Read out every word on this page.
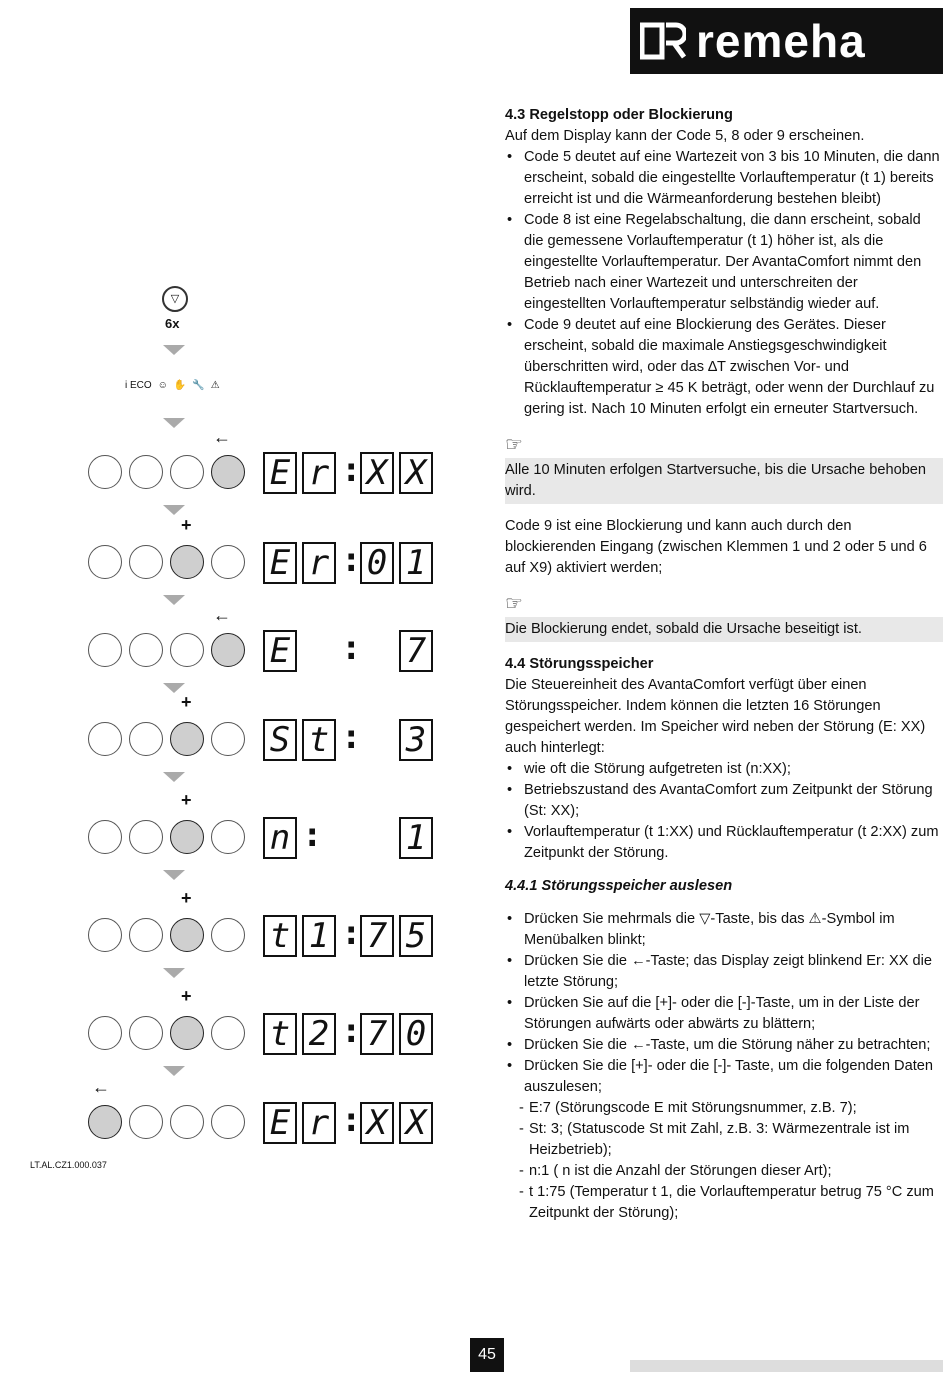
remeha
▽
6x
i ECO ☺ ✋ 🔧 ⚠
←
E r : X X
+
E r : 0 1
←
E : 7
+
S t : 3
+
n : 1
+
t 1 : 7 5
+
t 2 : 7 0
←
E r : X X
LT.AL.CZ1.000.037
4.3 Regelstopp oder Blockierung

Auf dem Display kann der Code 5, 8 oder 9 erscheinen.

• Code 5 deutet auf eine Wartezeit von 3 bis 10 Minuten, die dann erscheint, sobald die eingestellte Vorlauftemperatur (t 1) bereits erreicht ist und die Wärmeanforderung bestehen bleibt)

• Code 8 ist eine Regelabschaltung, die dann erscheint, sobald die gemessene Vorlauftemperatur (t 1) höher ist, als die eingestellte Vorlauftemperatur. Der AvantaComfort nimmt den Betrieb nach einer Wartezeit und unterschreiten der eingestellten Vorlauftemperatur selbständig wieder auf.

• Code 9 deutet auf eine Blockierung des Gerätes. Dieser erscheint, sobald die maximale Anstiegsgeschwindigkeit überschritten wird, oder das ∆T zwischen Vor- und Rücklauftemperatur ≥ 45 K beträgt, oder wenn der Durchlauf zu gering ist. Nach 10 Minuten erfolgt ein erneuter Startversuch.

☞

Alle 10 Minuten erfolgen Startversuche, bis die Ursache behoben wird.

Code 9 ist eine Blockierung und kann auch durch den blockierenden Eingang (zwischen Klemmen 1 und 2 oder 5 und 6 auf X9) aktiviert werden;

☞

Die Blockierung endet, sobald die Ursache beseitigt ist.

4.4 Störungsspeicher

Die Steuereinheit des AvantaComfort verfügt über einen Störungsspeicher. Indem können die letzten 16 Störungen gespeichert werden. Im Speicher wird neben der Störung (E: XX) auch hinterlegt:

• wie oft die Störung aufgetreten ist (n:XX);

• Betriebszustand des AvantaComfort zum Zeitpunkt der Störung (St: XX);

• Vorlauftemperatur (t 1:XX) und Rücklauftemperatur (t 2:XX) zum Zeitpunkt der Störung.

4.4.1 Störungsspeicher auslesen

• Drücken Sie mehrmals die ▽-Taste, bis das ⚠-Symbol im Menübalken blinkt;

• Drücken Sie die ←-Taste; das Display zeigt blinkend Er: XX die letzte Störung;

• Drücken Sie auf die [+]- oder die [-]-Taste, um in der Liste der Störungen aufwärts oder abwärts zu blättern;

• Drücken Sie die ←-Taste, um die Störung näher zu betrachten;

• Drücken Sie die [+]- oder die [-]- Taste, um die folgenden Daten auszulesen;

- E:7 (Störungscode E mit Störungsnummer, z.B. 7);

- St: 3; (Statuscode St mit Zahl, z.B. 3: Wärmezentrale ist im Heizbetrieb);

- n:1 ( n ist die Anzahl der Störungen dieser Art);

- t 1:75 (Temperatur t 1, die Vorlauftemperatur betrug 75 °C zum Zeitpunkt der Störung);

45
